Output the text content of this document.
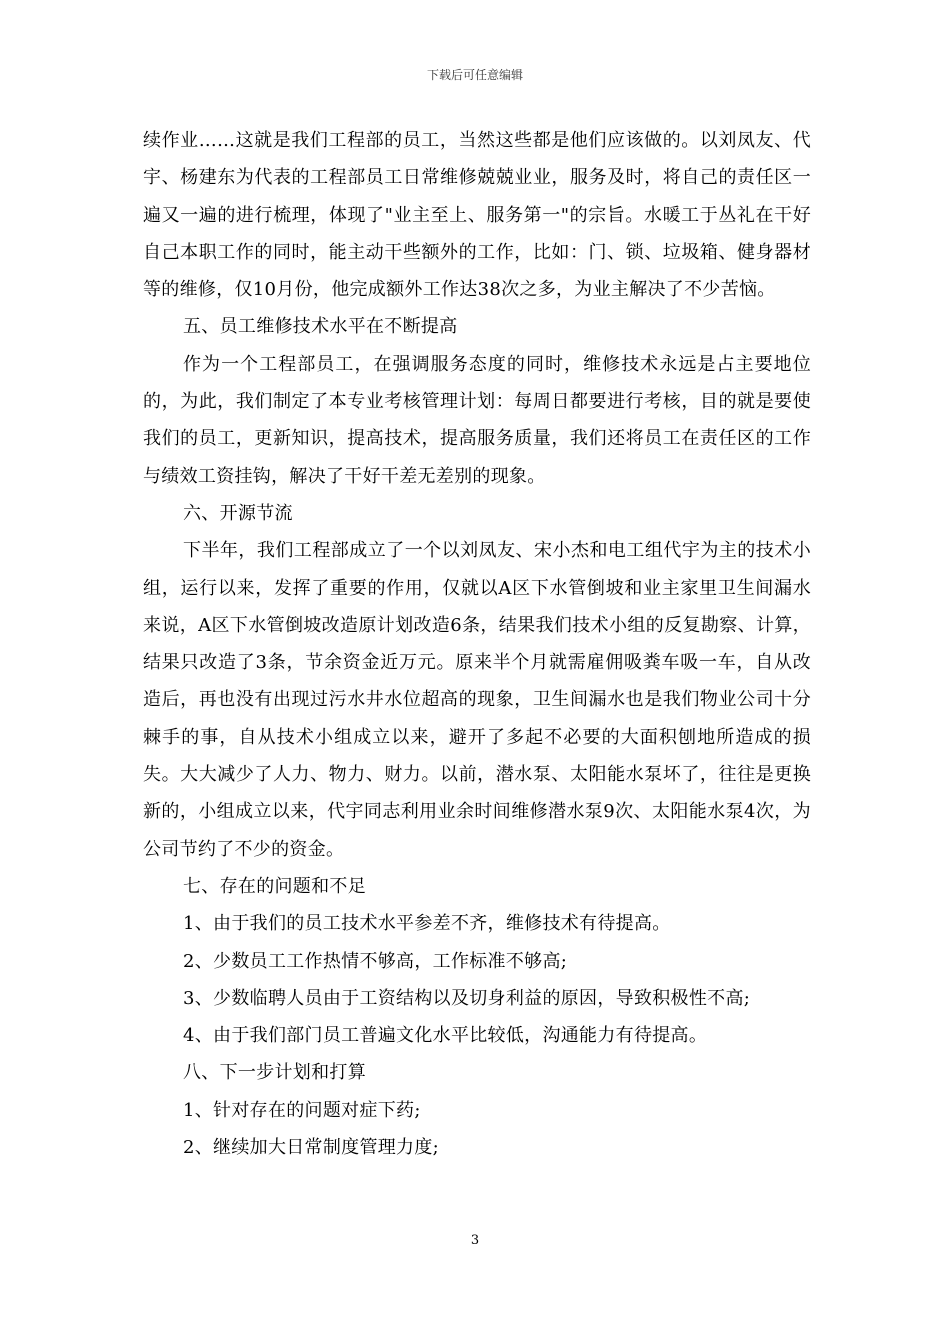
下载后可任意编辑

续作业……这就是我们工程部的员工，当然这些都是他们应该做的。以刘凤友、代宇、杨建东为代表的工程部员工日常维修兢兢业业，服务及时，将自己的责任区一遍又一遍的进行梳理，体现了"业主至上、服务第一"的宗旨。水暖工于丛礼在干好自己本职工作的同时，能主动干些额外的工作，比如：门、锁、垃圾箱、健身器材等的维修，仅10月份，他完成额外工作达38次之多，为业主解决了不少苦恼。

五、员工维修技术水平在不断提高

作为一个工程部员工，在强调服务态度的同时，维修技术永远是占主要地位的，为此，我们制定了本专业考核管理计划：每周日都要进行考核，目的就是要使我们的员工，更新知识，提高技术，提高服务质量，我们还将员工在责任区的工作与绩效工资挂钩，解决了干好干差无差别的现象。

六、开源节流

下半年，我们工程部成立了一个以刘凤友、宋小杰和电工组代宇为主的技术小组，运行以来，发挥了重要的作用，仅就以A区下水管倒坡和业主家里卫生间漏水来说，A区下水管倒坡改造原计划改造6条，结果我们技术小组的反复勘察、计算，结果只改造了3条，节余资金近万元。原来半个月就需雇佣吸粪车吸一车，自从改造后，再也没有出现过污水井水位超高的现象，卫生间漏水也是我们物业公司十分棘手的事，自从技术小组成立以来，避开了多起不必要的大面积刨地所造成的损失。大大减少了人力、物力、财力。以前，潜水泵、太阳能水泵坏了，往往是更换新的，小组成立以来，代宇同志利用业余时间维修潜水泵9次、太阳能水泵4次，为公司节约了不少的资金。

七、存在的问题和不足

1、由于我们的员工技术水平参差不齐，维修技术有待提高。

2、少数员工工作热情不够高，工作标准不够高;

3、少数临聘人员由于工资结构以及切身利益的原因，导致积极性不高;

4、由于我们部门员工普遍文化水平比较低，沟通能力有待提高。

八、下一步计划和打算

1、针对存在的问题对症下药;

2、继续加大日常制度管理力度;

3
